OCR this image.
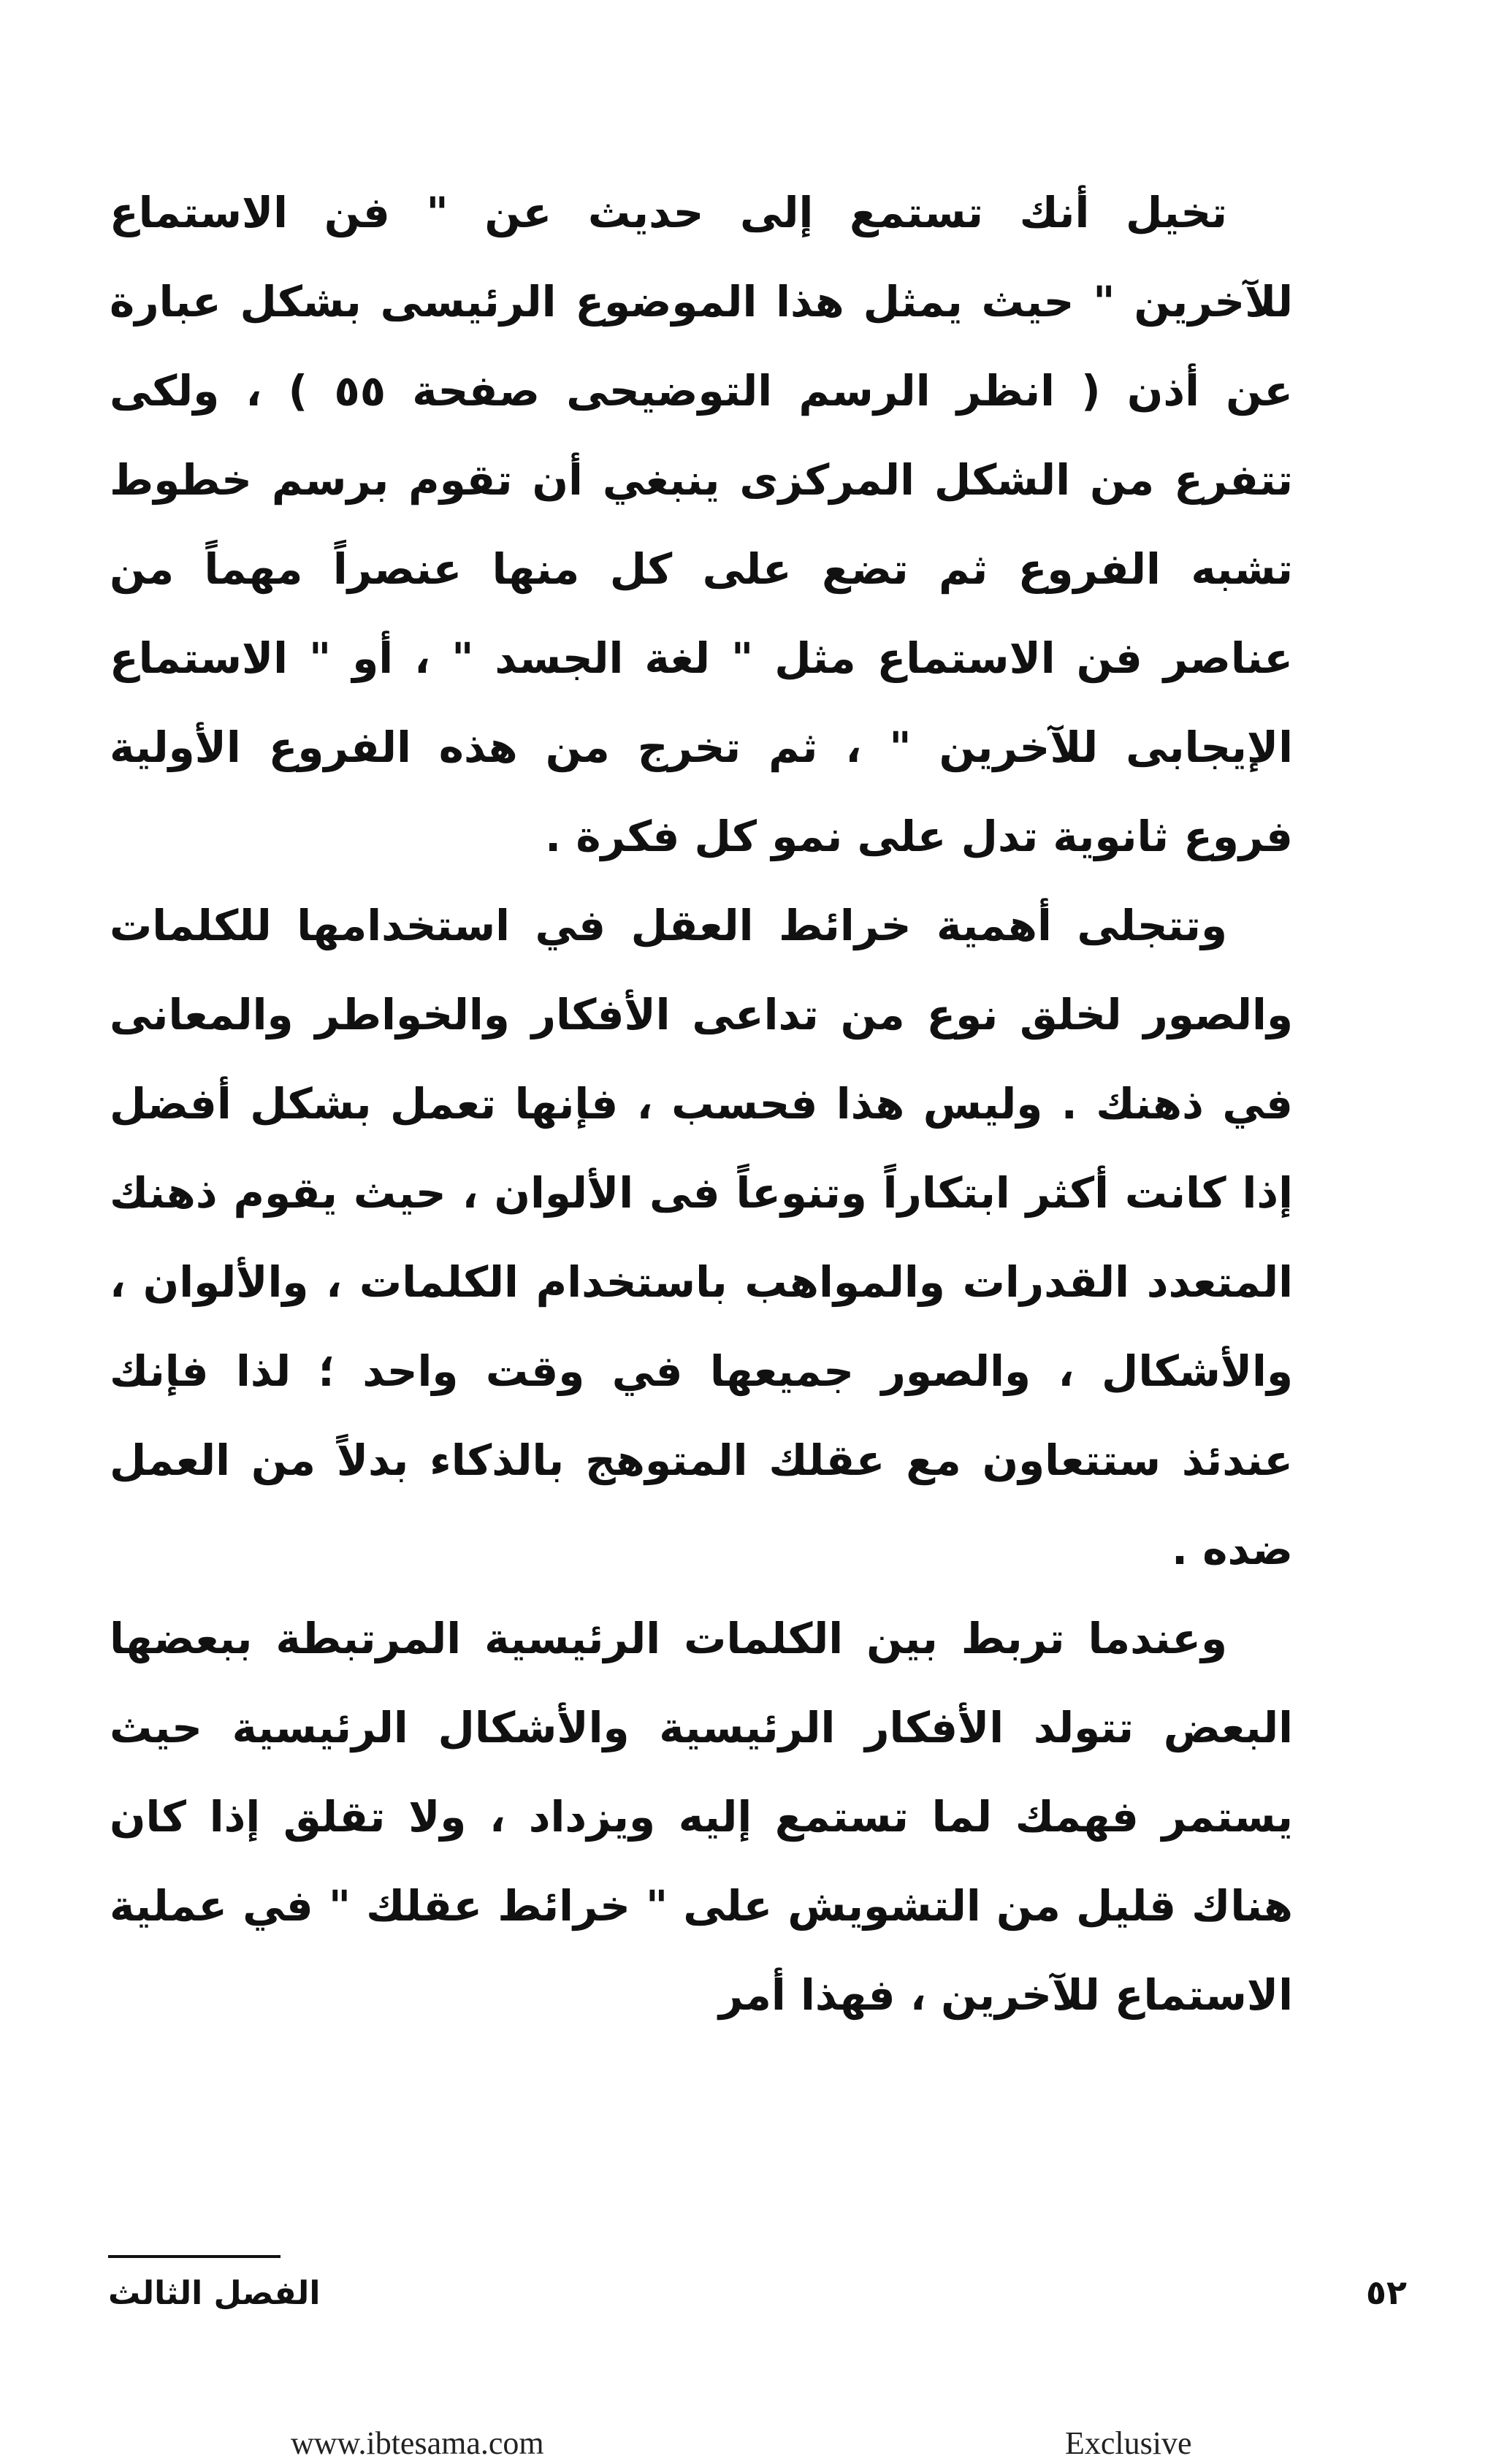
تخيل أنك تستمع إلى حديث عن " فن الاستماع للآخرين " حيث يمثل هذا الموضوع الرئيسى بشكل عبارة عن أذن ( انظر الرسم التوضيحى صفحة ٥٥ ) ، ولكى تتفرع من الشكل المركزى ينبغي أن تقوم برسم خطوط تشبه الفروع ثم تضع على كل منها عنصراً مهماً من عناصر فن الاستماع مثل " لغة الجسد " ، أو " الاستماع الإيجابى للآخرين " ، ثم تخرج من هذه الفروع الأولية فروع ثانوية تدل على نمو كل فكرة .

وتتجلى أهمية خرائط العقل في استخدامها للكلمات والصور لخلق نوع من تداعى الأفكار والخواطر والمعانى في ذهنك . وليس هذا فحسب ، فإنها تعمل بشكل أفضل إذا كانت أكثر ابتكاراً وتنوعاً فى الألوان ، حيث يقوم ذهنك المتعدد القدرات والمواهب باستخدام الكلمات ، والألوان ، والأشكال ، والصور جميعها في وقت واحد ؛ لذا فإنك عندئذ ستتعاون مع عقلك المتوهج بالذكاء بدلاً من العمل ضده .

وعندما تربط بين الكلمات الرئيسية المرتبطة ببعضها البعض تتولد الأفكار الرئيسية والأشكال الرئيسية حيث يستمر فهمك لما تستمع إليه ويزداد ، ولا تقلق إذا كان هناك قليل من التشويش على " خرائط عقلك " في عملية الاستماع للآخرين ، فهذا أمر

الفصل الثالث	٥٢
www.ibtesama.com	Exclusive
